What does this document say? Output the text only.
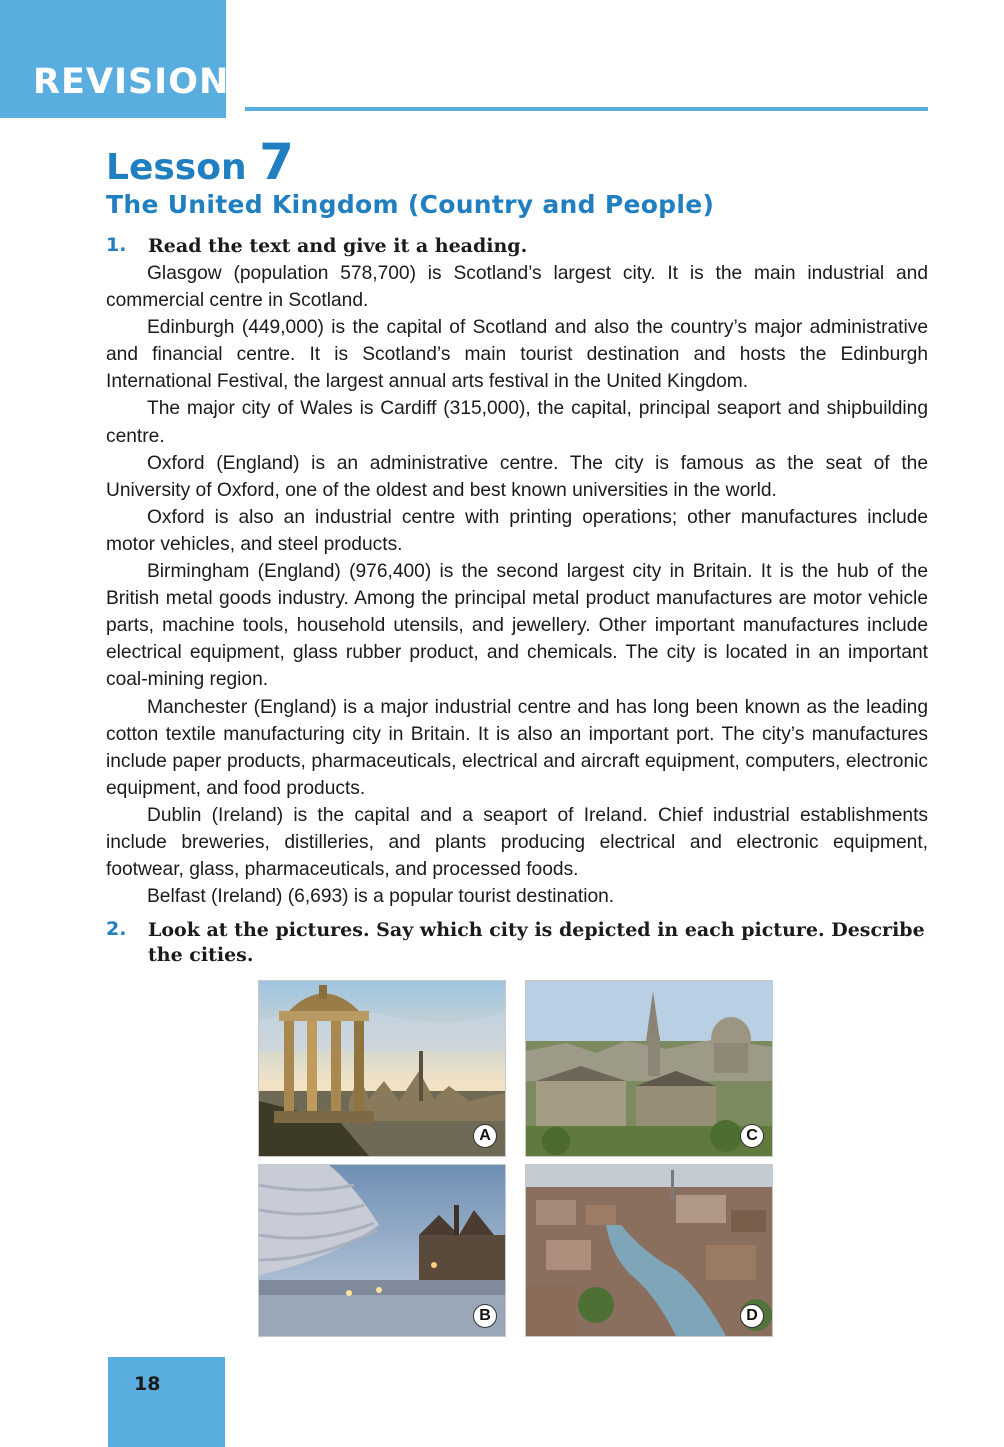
REVISION
Lesson 7
The United Kingdom (Country and People)
1. Read the text and give it a heading.

Glasgow (population 578,700) is Scotland’s largest city. It is the main industrial and commercial centre in Scotland.

Edinburgh (449,000) is the capital of Scotland and also the country’s major administrative and financial centre. It is Scotland’s main tourist destination and hosts the Edinburgh International Festival, the largest annual arts festival in the United Kingdom.

The major city of Wales is Cardiff (315,000), the capital, principal seaport and shipbuilding centre.

Oxford (England) is an administrative centre. The city is famous as the seat of the University of Oxford, one of the oldest and best known universities in the world.

Oxford is also an industrial centre with printing operations; other manufactures include motor vehicles, and steel products.

Birmingham (England) (976,400) is the second largest city in Britain. It is the hub of the British metal goods industry. Among the principal metal product manufactures are motor vehicle parts, machine tools, household utensils, and jewellery. Other important manufactures include electrical equipment, glass rubber product, and chemicals. The city is located in an important coal-mining region.

Manchester (England) is a major industrial centre and has long been known as the leading cotton textile manufacturing city in Britain. It is also an important port. The city’s manufactures include paper products, pharmaceuticals, electrical and aircraft equipment, computers, electronic equipment, and food products.

Dublin (Ireland) is the capital and a seaport of Ireland. Chief industrial establishments include breweries, distilleries, and plants producing electrical and electronic equipment, footwear, glass, pharmaceuticals, and processed foods.

Belfast (Ireland) (6,693) is a popular tourist destination.

2. Look at the pictures. Say which city is depicted in each picture. Describe the cities.
A	C
B	D
18
